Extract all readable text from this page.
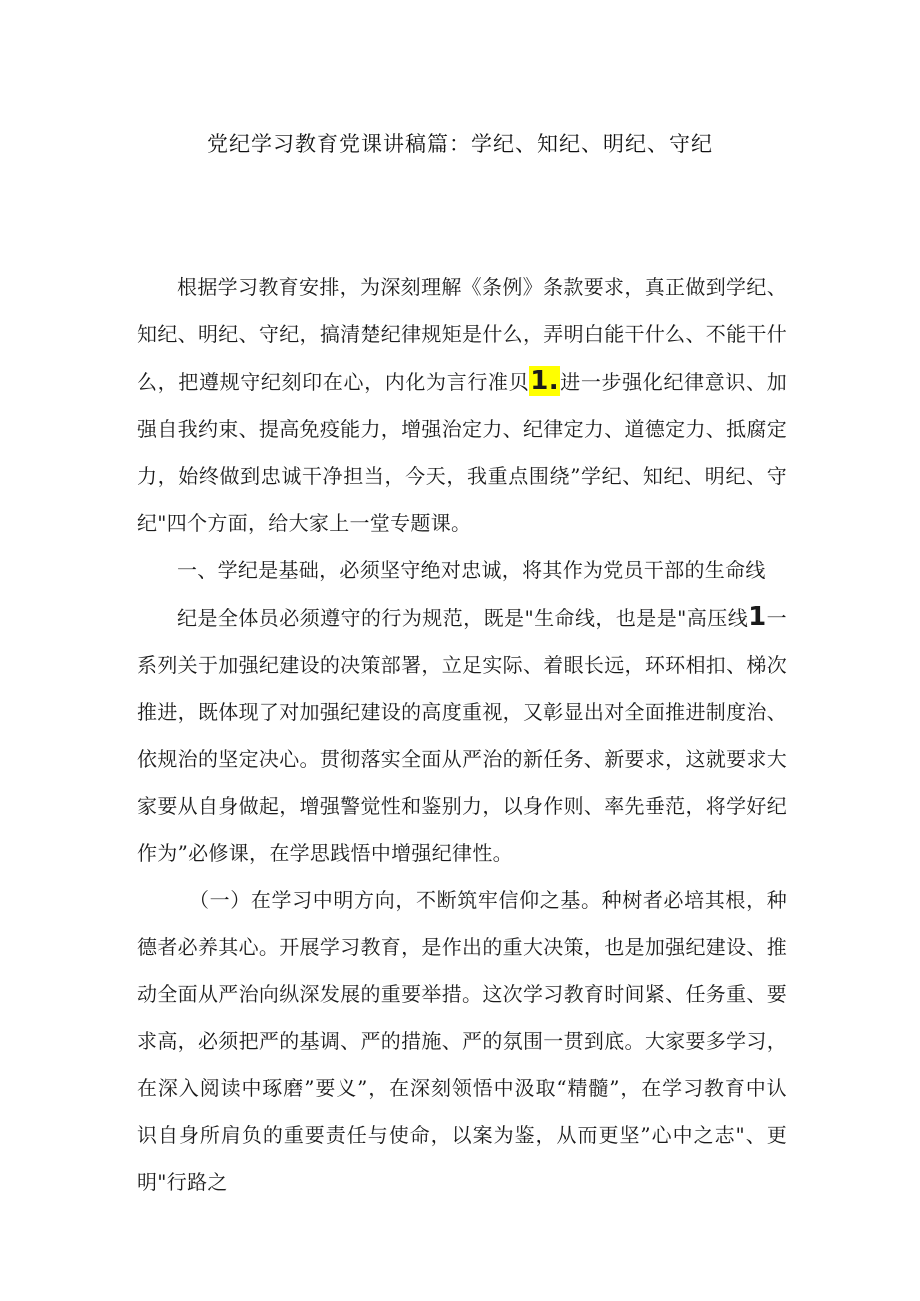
党纪学习教育党课讲稿篇：学纪、知纪、明纪、守纪

根据学习教育安排，为深刻理解《条例》条款要求，真正做到学纪、知纪、明纪、守纪，搞清楚纪律规矩是什么，弄明白能干什么、不能干什么，把遵规守纪刻印在心，内化为言行准贝1.进一步强化纪律意识、加强自我约束、提高免疫能力，增强治定力、纪律定力、道德定力、抵腐定力，始终做到忠诚干净担当，今天，我重点围绕”学纪、知纪、明纪、守纪"四个方面，给大家上一堂专题课。

一、学纪是基础，必须坚守绝对忠诚，将其作为党员干部的生命线

纪是全体员必须遵守的行为规范，既是"生命线，也是是"高压线1一系列关于加强纪建设的决策部署，立足实际、着眼长远，环环相扣、梯次推进，既体现了对加强纪建设的高度重视，又彰显出对全面推进制度治、依规治的坚定决心。贯彻落实全面从严治的新任务、新要求，这就要求大家要从自身做起，增强警觉性和鉴别力，以身作则、率先垂范，将学好纪作为”必修课，在学思践悟中增强纪律性。

（一）在学习中明方向，不断筑牢信仰之基。种树者必培其根，种德者必养其心。开展学习教育，是作出的重大决策，也是加强纪建设、推动全面从严治向纵深发展的重要举措。这次学习教育时间紧、任务重、要求高，必须把严的基调、严的措施、严的氛围一贯到底。大家要多学习，在深入阅读中琢磨”要义”，在深刻领悟中汲取“精髓”，在学习教育中认识自身所肩负的重要责任与使命，以案为鉴，从而更坚”心中之志"、更明"行路之
